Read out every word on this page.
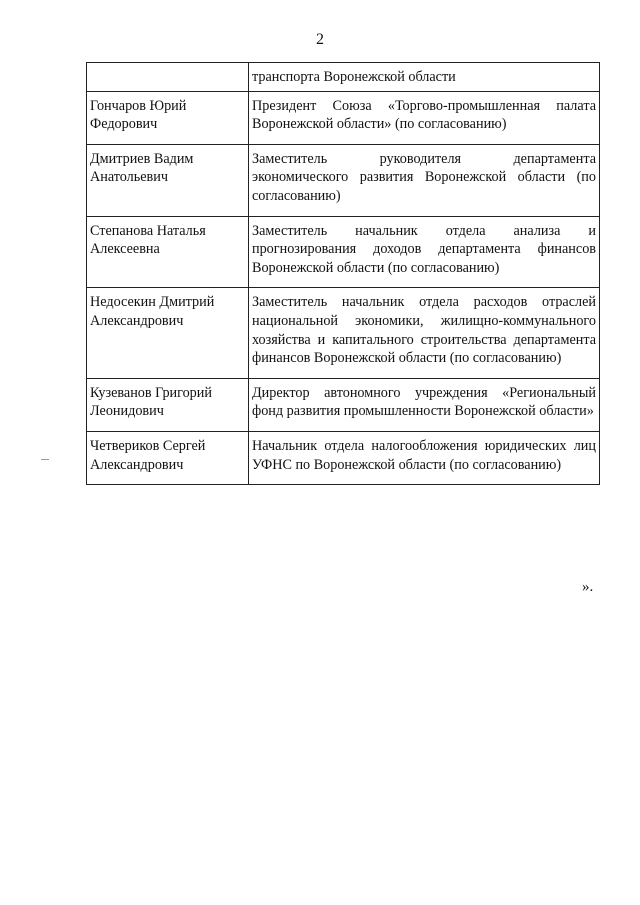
2
	транспорта Воронежской области
Гончаров Юрий Федорович	Президент Союза «Торгово-промышленная палата Воронежской области» (по согласованию)
Дмитриев Вадим Анатольевич	Заместитель руководителя департамента экономического развития Воронежской области (по согласованию)
Степанова Наталья Алексеевна	Заместитель начальник отдела анализа и прогнозирования доходов департамента финансов Воронежской области (по согласованию)
Недосекин Дмитрий Александрович	Заместитель начальник отдела расходов отраслей национальной экономики, жилищно-коммунального хозяйства и капитального строительства департамента финансов Воронежской области (по согласованию)
Кузеванов Григорий Леонидович	Директор автономного учреждения «Региональный фонд развития промышленности Воронежской области»
Четвериков Сергей Александрович	Начальник отдела налогообложения юридических лиц УФНС по Воронежской области (по согласованию)
».
